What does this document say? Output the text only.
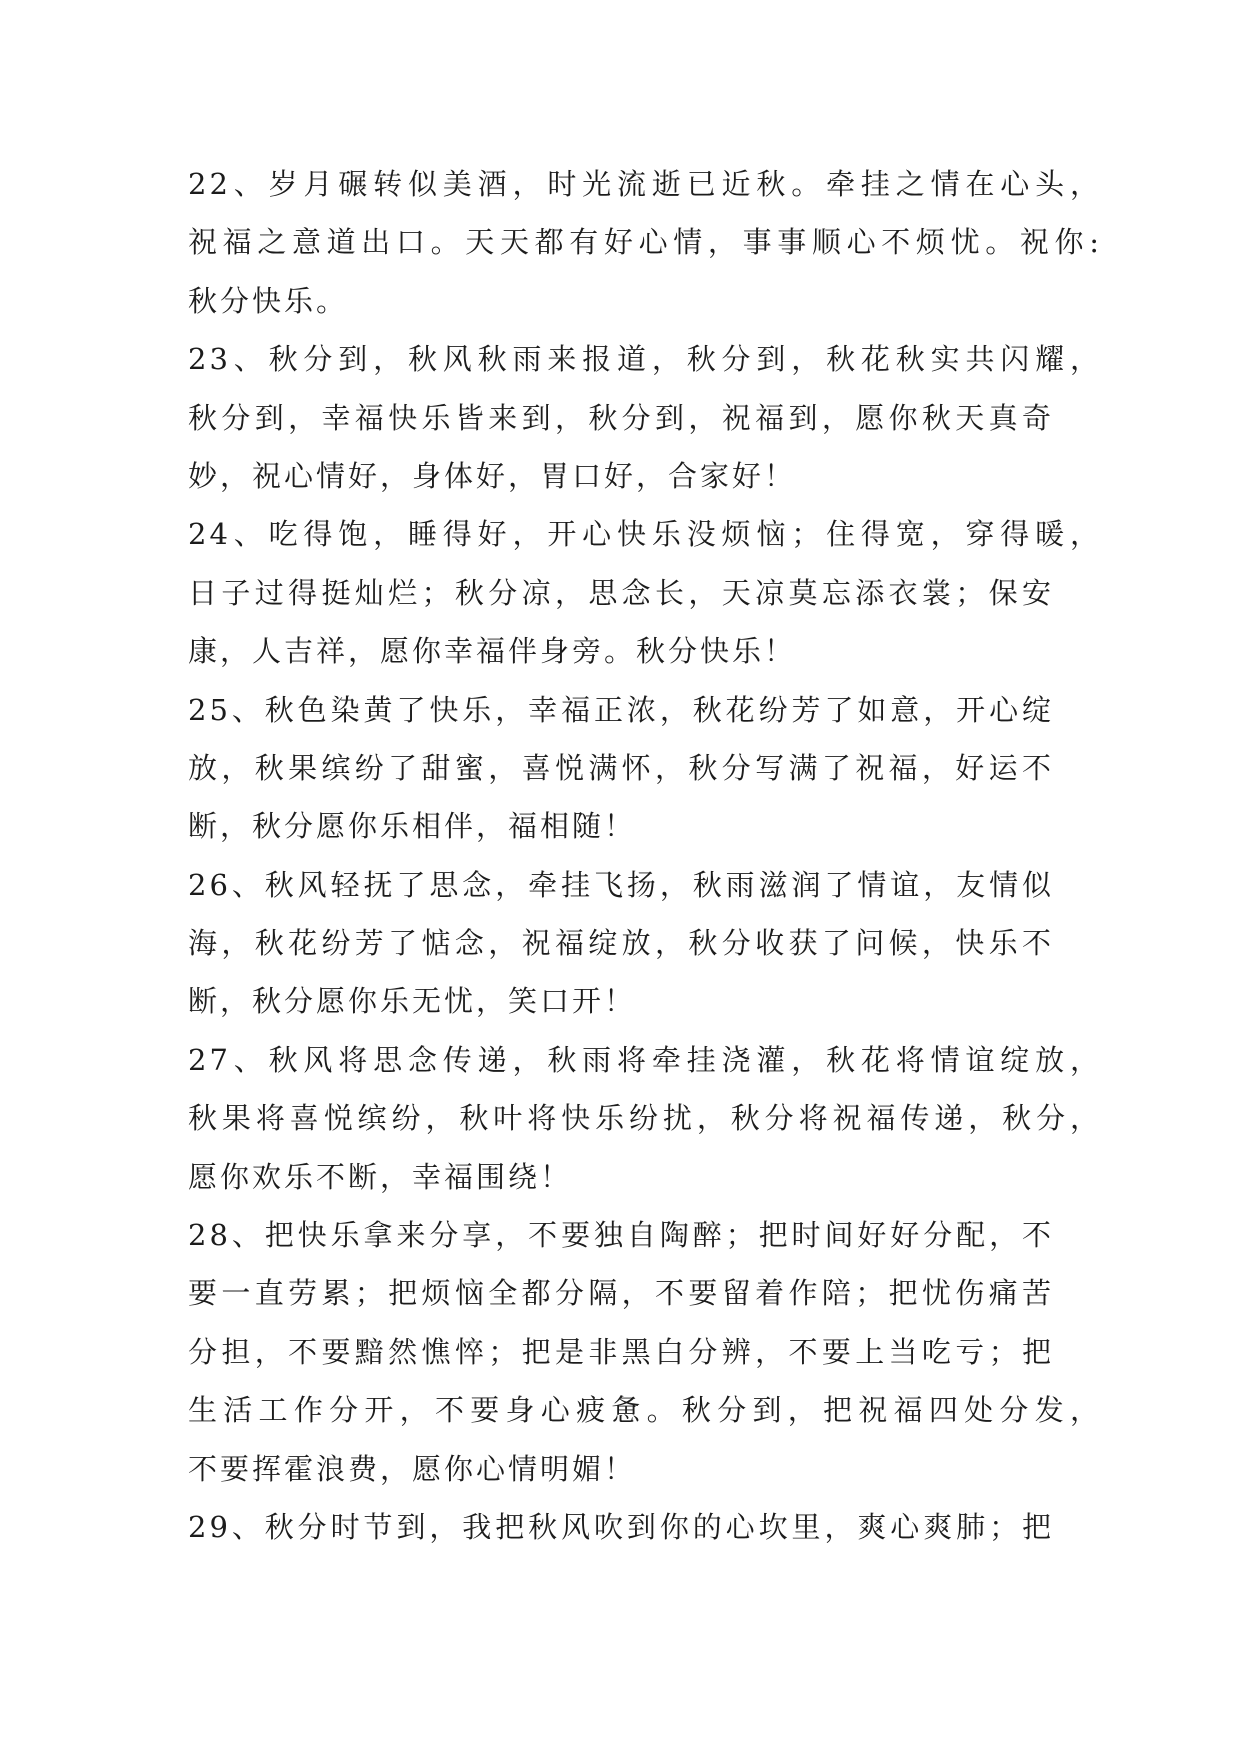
22、岁月碾转似美酒，时光流逝已近秋。牵挂之情在心头，
祝福之意道出口。天天都有好心情，事事顺心不烦忧。祝你:
秋分快乐。
23、秋分到，秋风秋雨来报道，秋分到，秋花秋实共闪耀，
秋分到，幸福快乐皆来到，秋分到，祝福到，愿你秋天真奇
妙，祝心情好，身体好，胃口好，合家好！
24、吃得饱，睡得好，开心快乐没烦恼；住得宽，穿得暖，
日子过得挺灿烂；秋分凉，思念长，天凉莫忘添衣裳；保安
康，人吉祥，愿你幸福伴身旁。秋分快乐！
25、秋色染黄了快乐，幸福正浓，秋花纷芳了如意，开心绽
放，秋果缤纷了甜蜜，喜悦满怀，秋分写满了祝福，好运不
断，秋分愿你乐相伴，福相随！
26、秋风轻抚了思念，牵挂飞扬，秋雨滋润了情谊，友情似
海，秋花纷芳了惦念，祝福绽放，秋分收获了问候，快乐不
断，秋分愿你乐无忧，笑口开！
27、秋风将思念传递，秋雨将牵挂浇灌，秋花将情谊绽放，
秋果将喜悦缤纷，秋叶将快乐纷扰，秋分将祝福传递，秋分，
愿你欢乐不断，幸福围绕！
28、把快乐拿来分享，不要独自陶醉；把时间好好分配，不
要一直劳累；把烦恼全都分隔，不要留着作陪；把忧伤痛苦
分担，不要黯然憔悴；把是非黑白分辨，不要上当吃亏；把
生活工作分开，不要身心疲惫。秋分到，把祝福四处分发，
不要挥霍浪费，愿你心情明媚！
29、秋分时节到，我把秋风吹到你的心坎里，爽心爽肺；把
